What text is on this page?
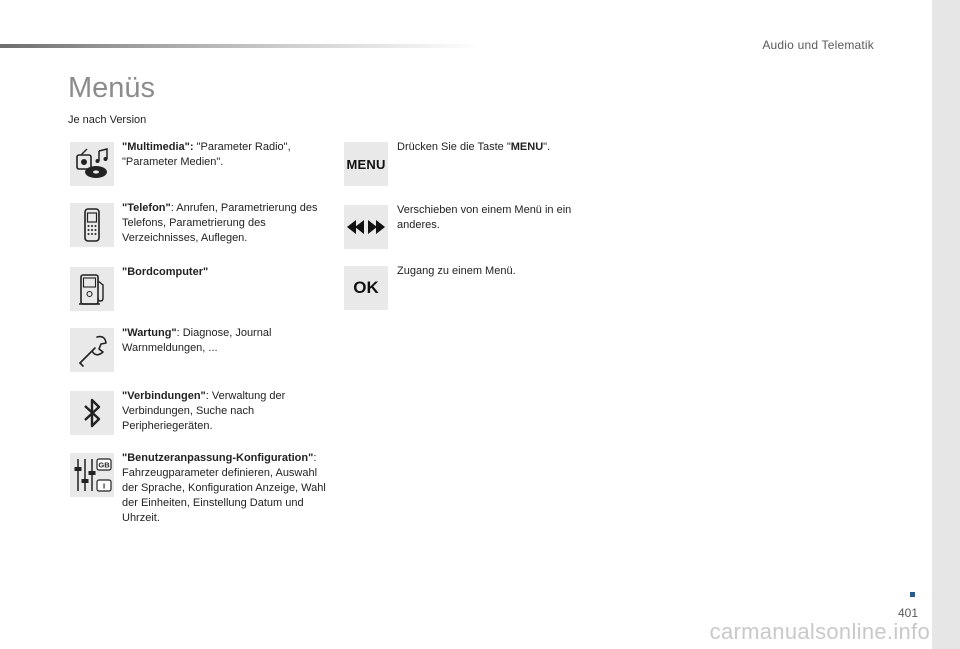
Audio und Telematik
Menüs
Je nach Version
"Multimedia": "Parameter Radio", "Parameter Medien".
"Telefon": Anrufen, Parametrierung des Telefons, Parametrierung des Verzeichnisses, Auflegen.
"Bordcomputer"
"Wartung": Diagnose, Journal Warnmeldungen, ...
"Verbindungen": Verwaltung der Verbindungen, Suche nach Peripheriegeräten.
GB
I
"Benutzeranpassung-Konfiguration": Fahrzeugparameter definieren, Auswahl der Sprache, Konfiguration Anzeige, Wahl der Einheiten, Einstellung Datum und Uhrzeit.
MENU
Drücken Sie die Taste "MENU".
Verschieben von einem Menü in ein anderes.
OK
Zugang zu einem Menü.
401
carmanualsonline.info
